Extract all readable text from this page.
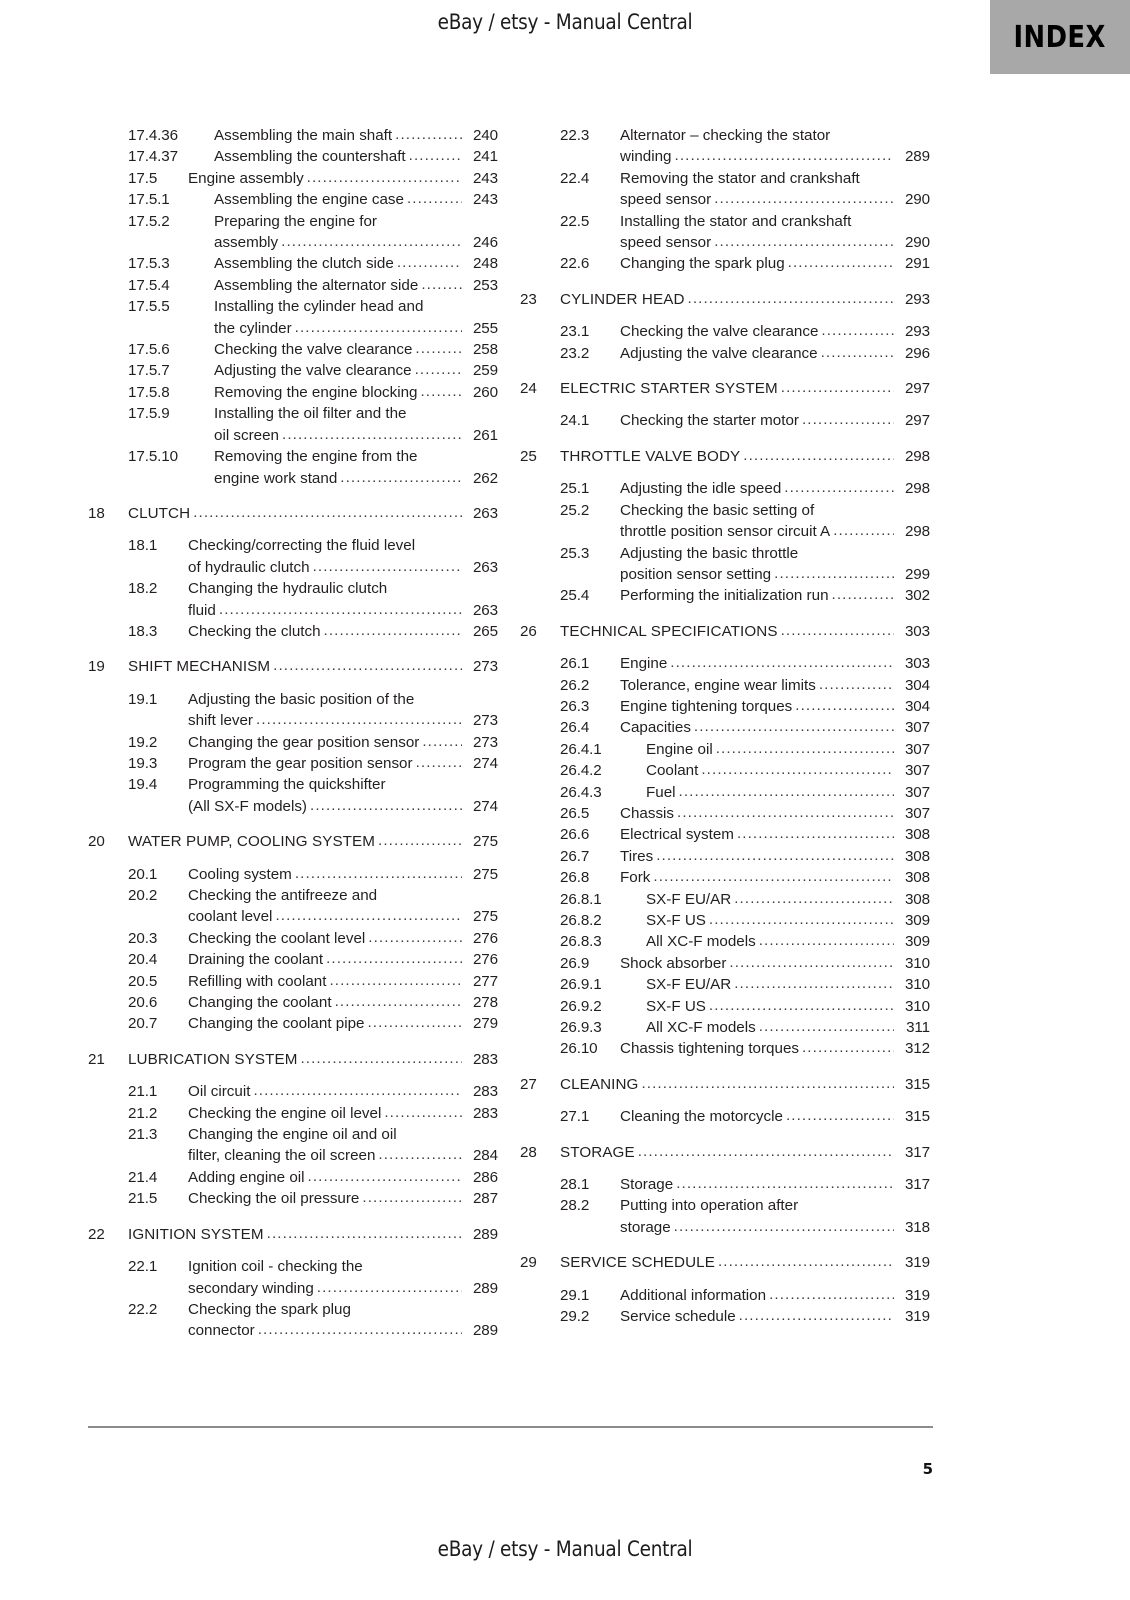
eBay / etsy - Manual Central	INDEX
17.4.36	Assembling the main shaft .....	240
17.4.37	Assembling the countershaft .....	241
17.5	Engine assembly .....	243
17.5.1	Assembling the engine case .....	243
17.5.2	Preparing the engine for
assembly .....	246
17.5.3	Assembling the clutch side .....	248
17.5.4	Assembling the alternator side .....	253
17.5.5	Installing the cylinder head and
the cylinder .....	255
17.5.6	Checking the valve clearance .....	258
17.5.7	Adjusting the valve clearance .....	259
17.5.8	Removing the engine blocking .....	260
17.5.9	Installing the oil filter and the
oil screen .....	261
17.5.10	Removing the engine from the
engine work stand .....	262
18	CLUTCH .....	263
18.1	Checking/correcting the fluid level
of hydraulic clutch .....	263
18.2	Changing the hydraulic clutch
fluid .....	263
18.3	Checking the clutch .....	265
19	SHIFT MECHANISM .....	273
19.1	Adjusting the basic position of the
shift lever .....	273
19.2	Changing the gear position sensor .....	273
19.3	Program the gear position sensor .....	274
19.4	Programming the quickshifter
(All SX-F models) .....	274
20	WATER PUMP, COOLING SYSTEM .....	275
20.1	Cooling system .....	275
20.2	Checking the antifreeze and
coolant level .....	275
20.3	Checking the coolant level .....	276
20.4	Draining the coolant .....	276
20.5	Refilling with coolant .....	277
20.6	Changing the coolant .....	278
20.7	Changing the coolant pipe .....	279
21	LUBRICATION SYSTEM .....	283
21.1	Oil circuit .....	283
21.2	Checking the engine oil level .....	283
21.3	Changing the engine oil and oil
filter, cleaning the oil screen .....	284
21.4	Adding engine oil .....	286
21.5	Checking the oil pressure .....	287
22	IGNITION SYSTEM .....	289
22.1	Ignition coil - checking the
secondary winding .....	289
22.2	Checking the spark plug
connector .....	289
22.3	Alternator – checking the stator
winding .....	289
22.4	Removing the stator and crankshaft
speed sensor .....	290
22.5	Installing the stator and crankshaft
speed sensor .....	290
22.6	Changing the spark plug .....	291
23	CYLINDER HEAD .....	293
23.1	Checking the valve clearance .....	293
23.2	Adjusting the valve clearance .....	296
24	ELECTRIC STARTER SYSTEM .....	297
24.1	Checking the starter motor .....	297
25	THROTTLE VALVE BODY .....	298
25.1	Adjusting the idle speed .....	298
25.2	Checking the basic setting of
throttle position sensor circuit A .....	298
25.3	Adjusting the basic throttle
position sensor setting .....	299
25.4	Performing the initialization run .....	302
26	TECHNICAL SPECIFICATIONS .....	303
26.1	Engine .....	303
26.2	Tolerance, engine wear limits .....	304
26.3	Engine tightening torques .....	304
26.4	Capacities .....	307
26.4.1	Engine oil .....	307
26.4.2	Coolant .....	307
26.4.3	Fuel .....	307
26.5	Chassis .....	307
26.6	Electrical system .....	308
26.7	Tires .....	308
26.8	Fork .....	308
26.8.1	SX-F EU/AR .....	308
26.8.2	SX-F US .....	309
26.8.3	All XC-F models .....	309
26.9	Shock absorber .....	310
26.9.1	SX-F EU/AR .....	310
26.9.2	SX-F US .....	310
26.9.3	All XC-F models .....	311
26.10	Chassis tightening torques .....	312
27	CLEANING .....	315
27.1	Cleaning the motorcycle .....	315
28	STORAGE .....	317
28.1	Storage .....	317
28.2	Putting into operation after
storage .....	318
29	SERVICE SCHEDULE .....	319
29.1	Additional information .....	319
29.2	Service schedule .....	319
5
eBay / etsy - Manual Central
